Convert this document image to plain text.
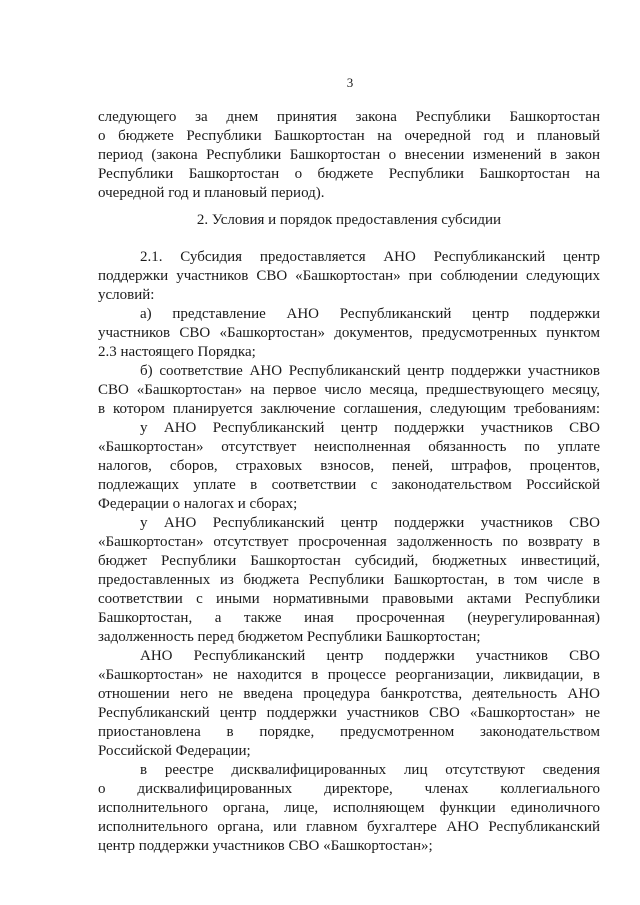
3
следующего за днем принятия закона Республики Башкортостан
о бюджете Республики Башкортостан на очередной год и плановый
период (закона Республики Башкортостан о внесении изменений в закон
Республики Башкортостан о бюджете Республики Башкортостан на
очередной год и плановый период).
2. Условия и порядок предоставления субсидии
2.1. Субсидия предоставляется АНО Республиканский центр
поддержки участников СВО «Башкортостан» при соблюдении следующих
условий:
а) представление АНО Республиканский центр поддержки
участников СВО «Башкортостан» документов, предусмотренных пунктом
2.3 настоящего Порядка;
б) соответствие АНО Республиканский центр поддержки участников
СВО «Башкортостан» на первое число месяца, предшествующего месяцу,
в котором планируется заключение соглашения, следующим требованиям:
у АНО Республиканский центр поддержки участников СВО
«Башкортостан» отсутствует неисполненная обязанность по уплате
налогов, сборов, страховых взносов, пеней, штрафов, процентов,
подлежащих уплате в соответствии с законодательством Российской
Федерации о налогах и сборах;
у АНО Республиканский центр поддержки участников СВО
«Башкортостан» отсутствует просроченная задолженность по возврату в
бюджет Республики Башкортостан субсидий, бюджетных инвестиций,
предоставленных из бюджета Республики Башкортостан, в том числе в
соответствии с иными нормативными правовыми актами Республики
Башкортостан, а также иная просроченная (неурегулированная)
задолженность перед бюджетом Республики Башкортостан;
АНО Республиканский центр поддержки участников СВО
«Башкортостан» не находится в процессе реорганизации, ликвидации, в
отношении него не введена процедура банкротства, деятельность АНО
Республиканский центр поддержки участников СВО «Башкортостан» не
приостановлена в порядке, предусмотренном законодательством
Российской Федерации;
в реестре дисквалифицированных лиц отсутствуют сведения
о дисквалифицированных директоре, членах коллегиального
исполнительного органа, лице, исполняющем функции единоличного
исполнительного органа, или главном бухгалтере АНО Республиканский
центр поддержки участников СВО «Башкортостан»;
